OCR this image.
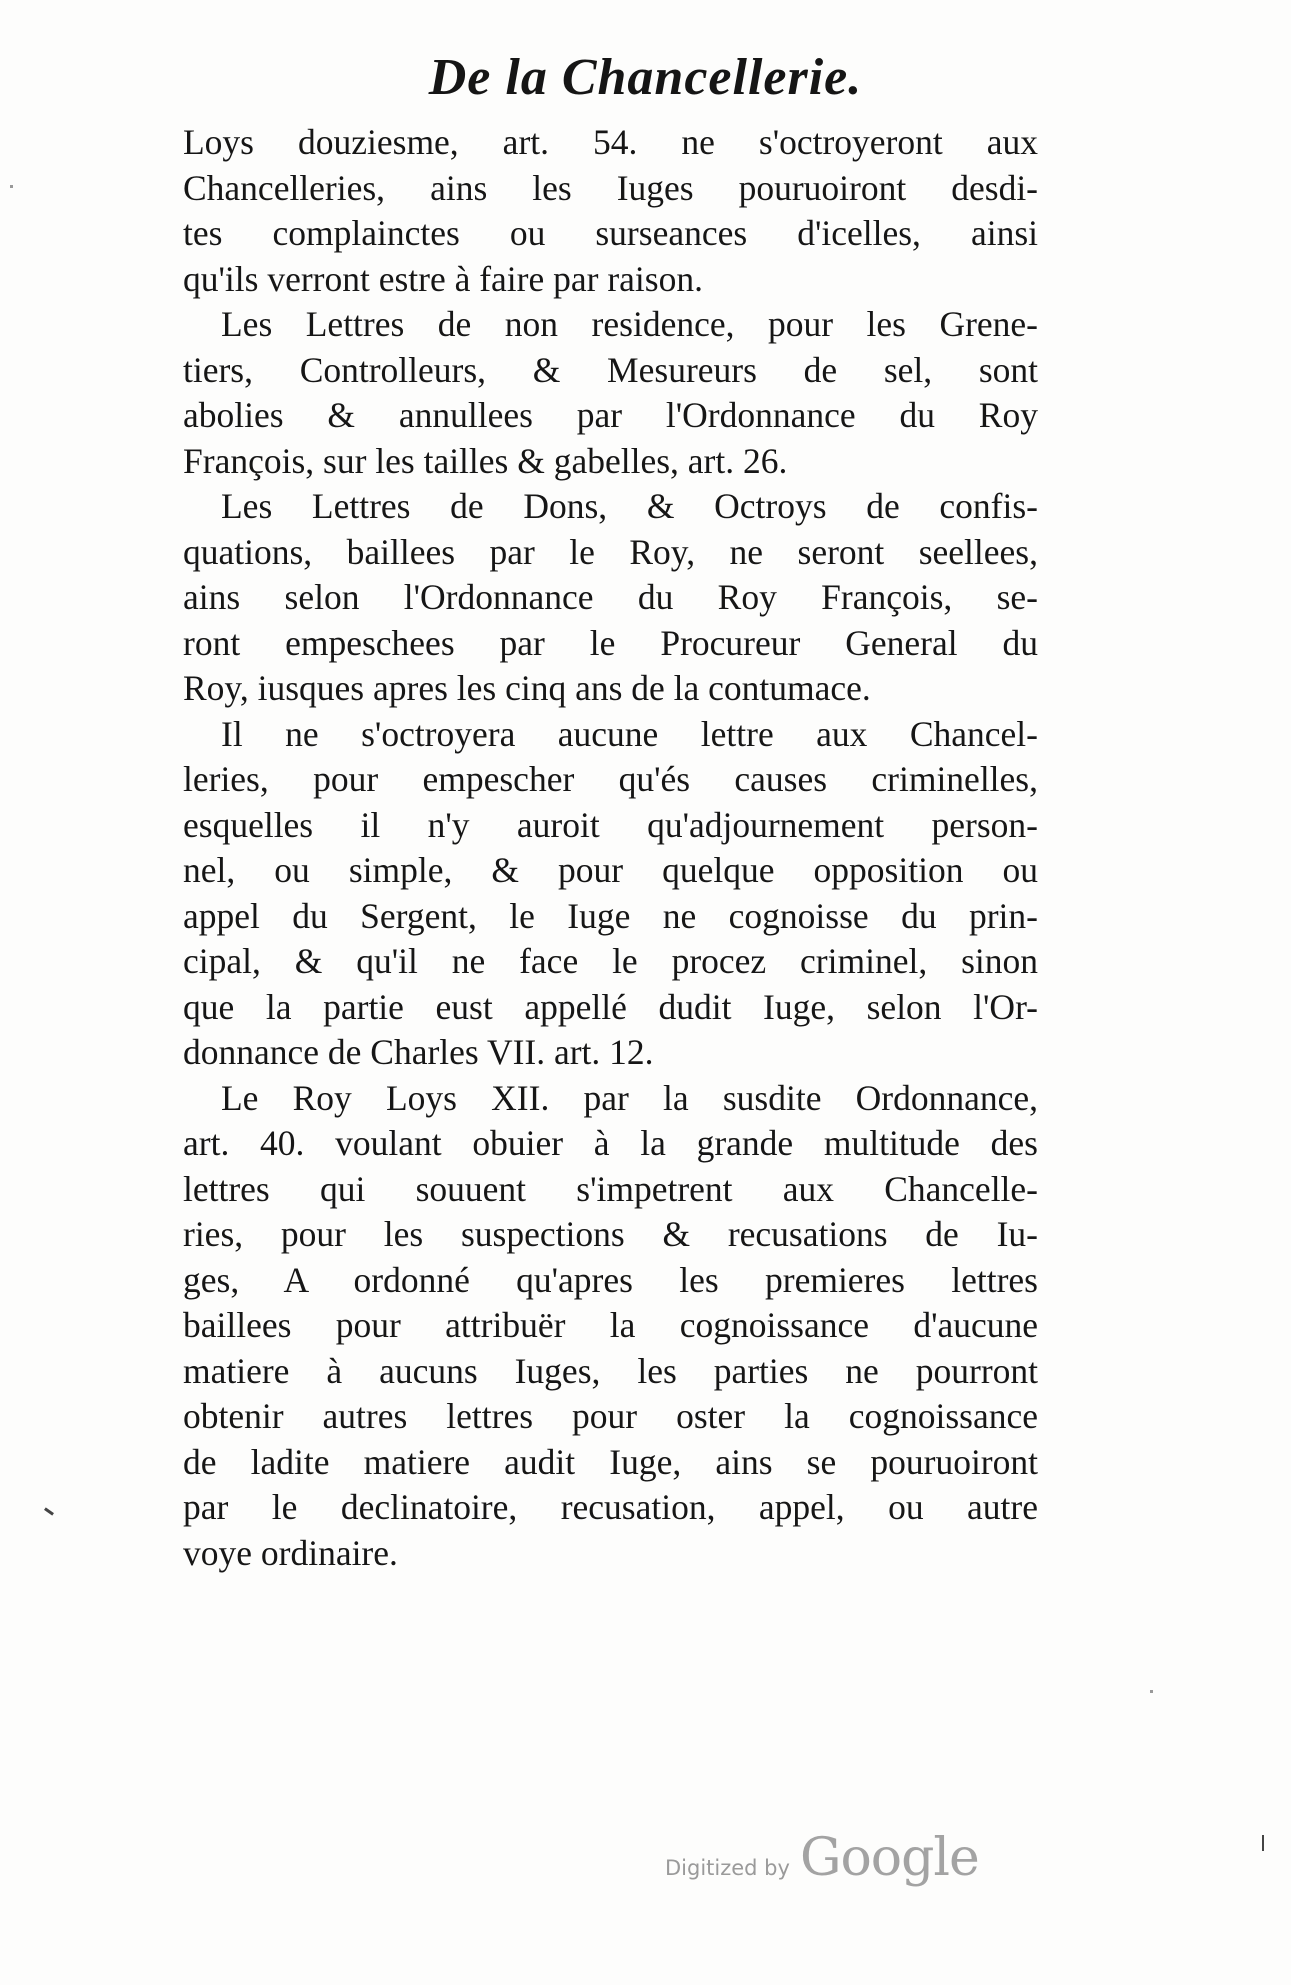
De la Chancellerie.
Loys douziesme, art. 54. ne s'octroyeront aux
Chancelleries, ains les Iuges pouruoiront desdi-
tes complainctes ou surseances d'icelles, ainsi
qu'ils verront estre à faire par raison.
Les Lettres de non residence, pour les Grene-
tiers, Controlleurs, & Mesureurs de sel, sont
abolies & annullees par l'Ordonnance du Roy
François, sur les tailles & gabelles, art. 26.
Les Lettres de Dons, & Octroys de confis-
quations, baillees par le Roy, ne seront seellees,
ains selon l'Ordonnance du Roy François, se-
ront empeschees par le Procureur General du
Roy, iusques apres les cinq ans de la contumace.
Il ne s'octroyera aucune lettre aux Chancel-
leries, pour empescher qu'és causes criminelles,
esquelles il n'y auroit qu'adjournement person-
nel, ou simple, & pour quelque opposition ou
appel du Sergent, le Iuge ne cognoisse du prin-
cipal, & qu'il ne face le procez criminel, sinon
que la partie eust appellé dudit Iuge, selon l'Or-
donnance de Charles VII. art. 12.
Le Roy Loys XII. par la susdite Ordonnance,
art. 40. voulant obuier à la grande multitude des
lettres qui souuent s'impetrent aux Chancelle-
ries, pour les suspections & recusations de Iu-
ges, A ordonné qu'apres les premieres lettres
baillees pour attribuër la cognoissance d'aucune
matiere à aucuns Iuges, les parties ne pourront
obtenir autres lettres pour oster la cognoissance
de ladite matiere audit Iuge, ains se pouruoiront
par le declinatoire, recusation, appel, ou autre
voye ordinaire.
Digitized by Google
